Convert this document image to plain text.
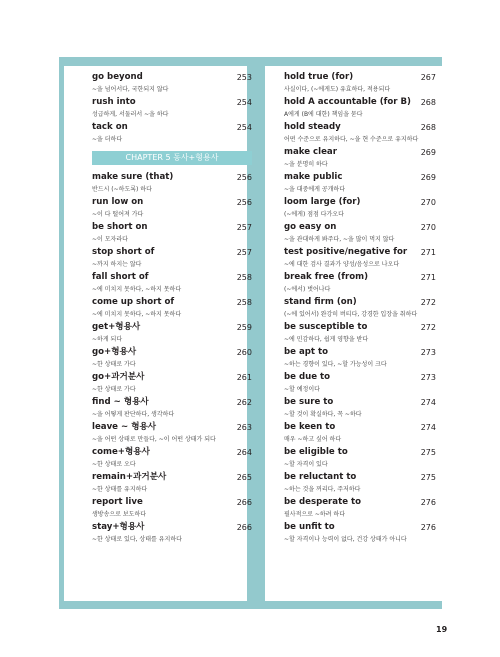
253
go beyond
~을 넘어서다, 국한되지 않다
254
rush into
성급하게, 서둘러서 ~을 하다
254
tack on
~을 더하다
CHAPTER 5 동사+형용사
256
make sure (that)
반드시 (~하도록) 하다
256
run low on
~이 다 떨어져 가다
257
be short on
~이 모자라다
257
stop short of
~까지 하지는 않다
258
fall short of
~에 미치지 못하다, ~하지 못하다
258
come up short of
~에 미치지 못하다, ~하지 못하다
259
get+형용사
~하게 되다
260
go+형용사
~한 상태로 가다
261
go+과거분사
~한 상태로 가다
262
find ~ 형용사
~을 어떻게 판단하다, 생각하다
263
leave ~ 형용사
~을 어떤 상태로 만들다, ~이 어떤 상태가 되다
264
come+형용사
~한 상태로 오다
265
remain+과거분사
~한 상태를 유지하다
266
report live
생방송으로 보도하다
266
stay+형용사
~한 상태로 있다, 상태를 유지하다
267
hold true (for)
사실이다, (~에게도) 유효하다, 적용되다
268
hold A accountable (for B)
A에게 (B에 대한) 책임을 묻다
268
hold steady
어떤 수준으로 유지하다, ~을 현 수준으로 유지하다
269
make clear
~을 분명히 하다
269
make public
~을 대중에게 공개하다
270
loom large (for)
(~에게) 점점 다가오다
270
go easy on
~을 관대하게 봐주다, ~을 많이 먹지 않다
271
test positive/negative for
~에 대한 검사 결과가 양성/음성으로 나오다
271
break free (from)
(~에서) 벗어나다
272
stand firm (on)
(~에 있어서) 완강히 버티다, 강경한 입장을 취하다
272
be susceptible to
~에 민감하다, 쉽게 영향을 받다
273
be apt to
~하는 경향이 있다, ~할 가능성이 크다
273
be due to
~할 예정이다
274
be sure to
~할 것이 확실하다, 꼭 ~하다
274
be keen to
매우 ~하고 싶어 하다
275
be eligible to
~할 자격이 있다
275
be reluctant to
~하는 것을 꺼리다, 주저하다
276
be desperate to
필사적으로 ~하려 하다
276
be unfit to
~할 자격이나 능력이 없다, 건강 상태가 아니다
19
